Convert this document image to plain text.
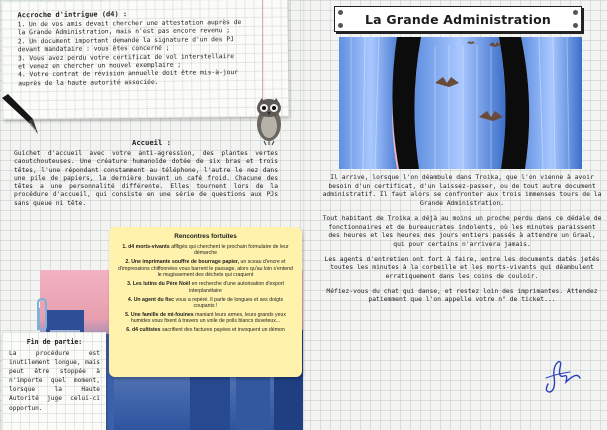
Accroche d'intrigue (d4) :

1. Un de vos amis devait chercher une attestation auprès de

la Grande Administration, mais n'est pas encore revenu ;

2. Un document important demande la signature d'un des PJ

devant mandataire : vous êtes concerné ;

3. Vous avez perdu votre certificat de vol interstellaire

et venez en chercher un nouvel exemplaire ;

4. Votre contrat de révision annuelle doit être mis-à-jour

auprès de la haute autorité associée.

Accueil :
Guichet d'accueil avec votre anti-agression, des plantes vertes caoutchouteuses. Une créature humanoïde dotée de six bras et trois têtes, l'une répondant constamment au téléphone, l'autre le nez dans une pile de papiers, la dernière buvant un café froid. Chacune des têtes a une personnalité différente. Elles tournent lors de la procédure d'accueil, qui consiste en une série de questions aux PJs sans queue ni tête.
Rencontres fortuites

1. d4 morts-vivants affligés qui cherchent le prochain formulaire de leur démarche

2. Une imprimante souffre de bourrage papier, un sceau d'encre et d'impressions chiffonnées vous barrent le passage, alors qu'au loin s'entend le mugissement des déchets qui craquent

3. Les lutins du Père Noël en recherche d'une autorisation d'export interplanétaire

4. Un agent du fisc vous a repéré. Il parle de longues et ses doigts coupants !

5. Une famille de mi-fouines maniant leurs armes, leurs grands yeux humides vous fixent à travers un voile de poils blancs duveteux...

6. d4 cultistes sacrifient des factures payées et invoquent un démon

Fin de partie:
La procédure est inutilement longue, mais peut être stoppée à n'importe quel moment, lorsque la Haute Autorité juge celui-ci opportun.
La Grande Administration

Il arrive, lorsque l'on déambule dans Troika, que l'on vienne à avoir besoin d'un certificat, d'un laissez-passer, ou de tout autre document administratif. Il faut alors se confronter aux trois immenses tours de la Grande Administration.

Tout habitant de Troika a déjà au moins un proche perdu dans ce dédale de fonctionnaires et de bureaucrates indolents, où les minutes paraissent des heures et les heures des jours entiers passés à attendre un Graal, qui pour certains n'arrivera jamais.

Les agents d'entretien ont fort à faire, entre les documents datés jetés toutes les minutes à la corbeille et les morts-vivants qui déambulent erratiquement dans les coins de couloir.

Méfiez-vous du chat qui danse, et restez loin des imprimantes. Attendez patiemment que l'on appelle votre n° de ticket...
